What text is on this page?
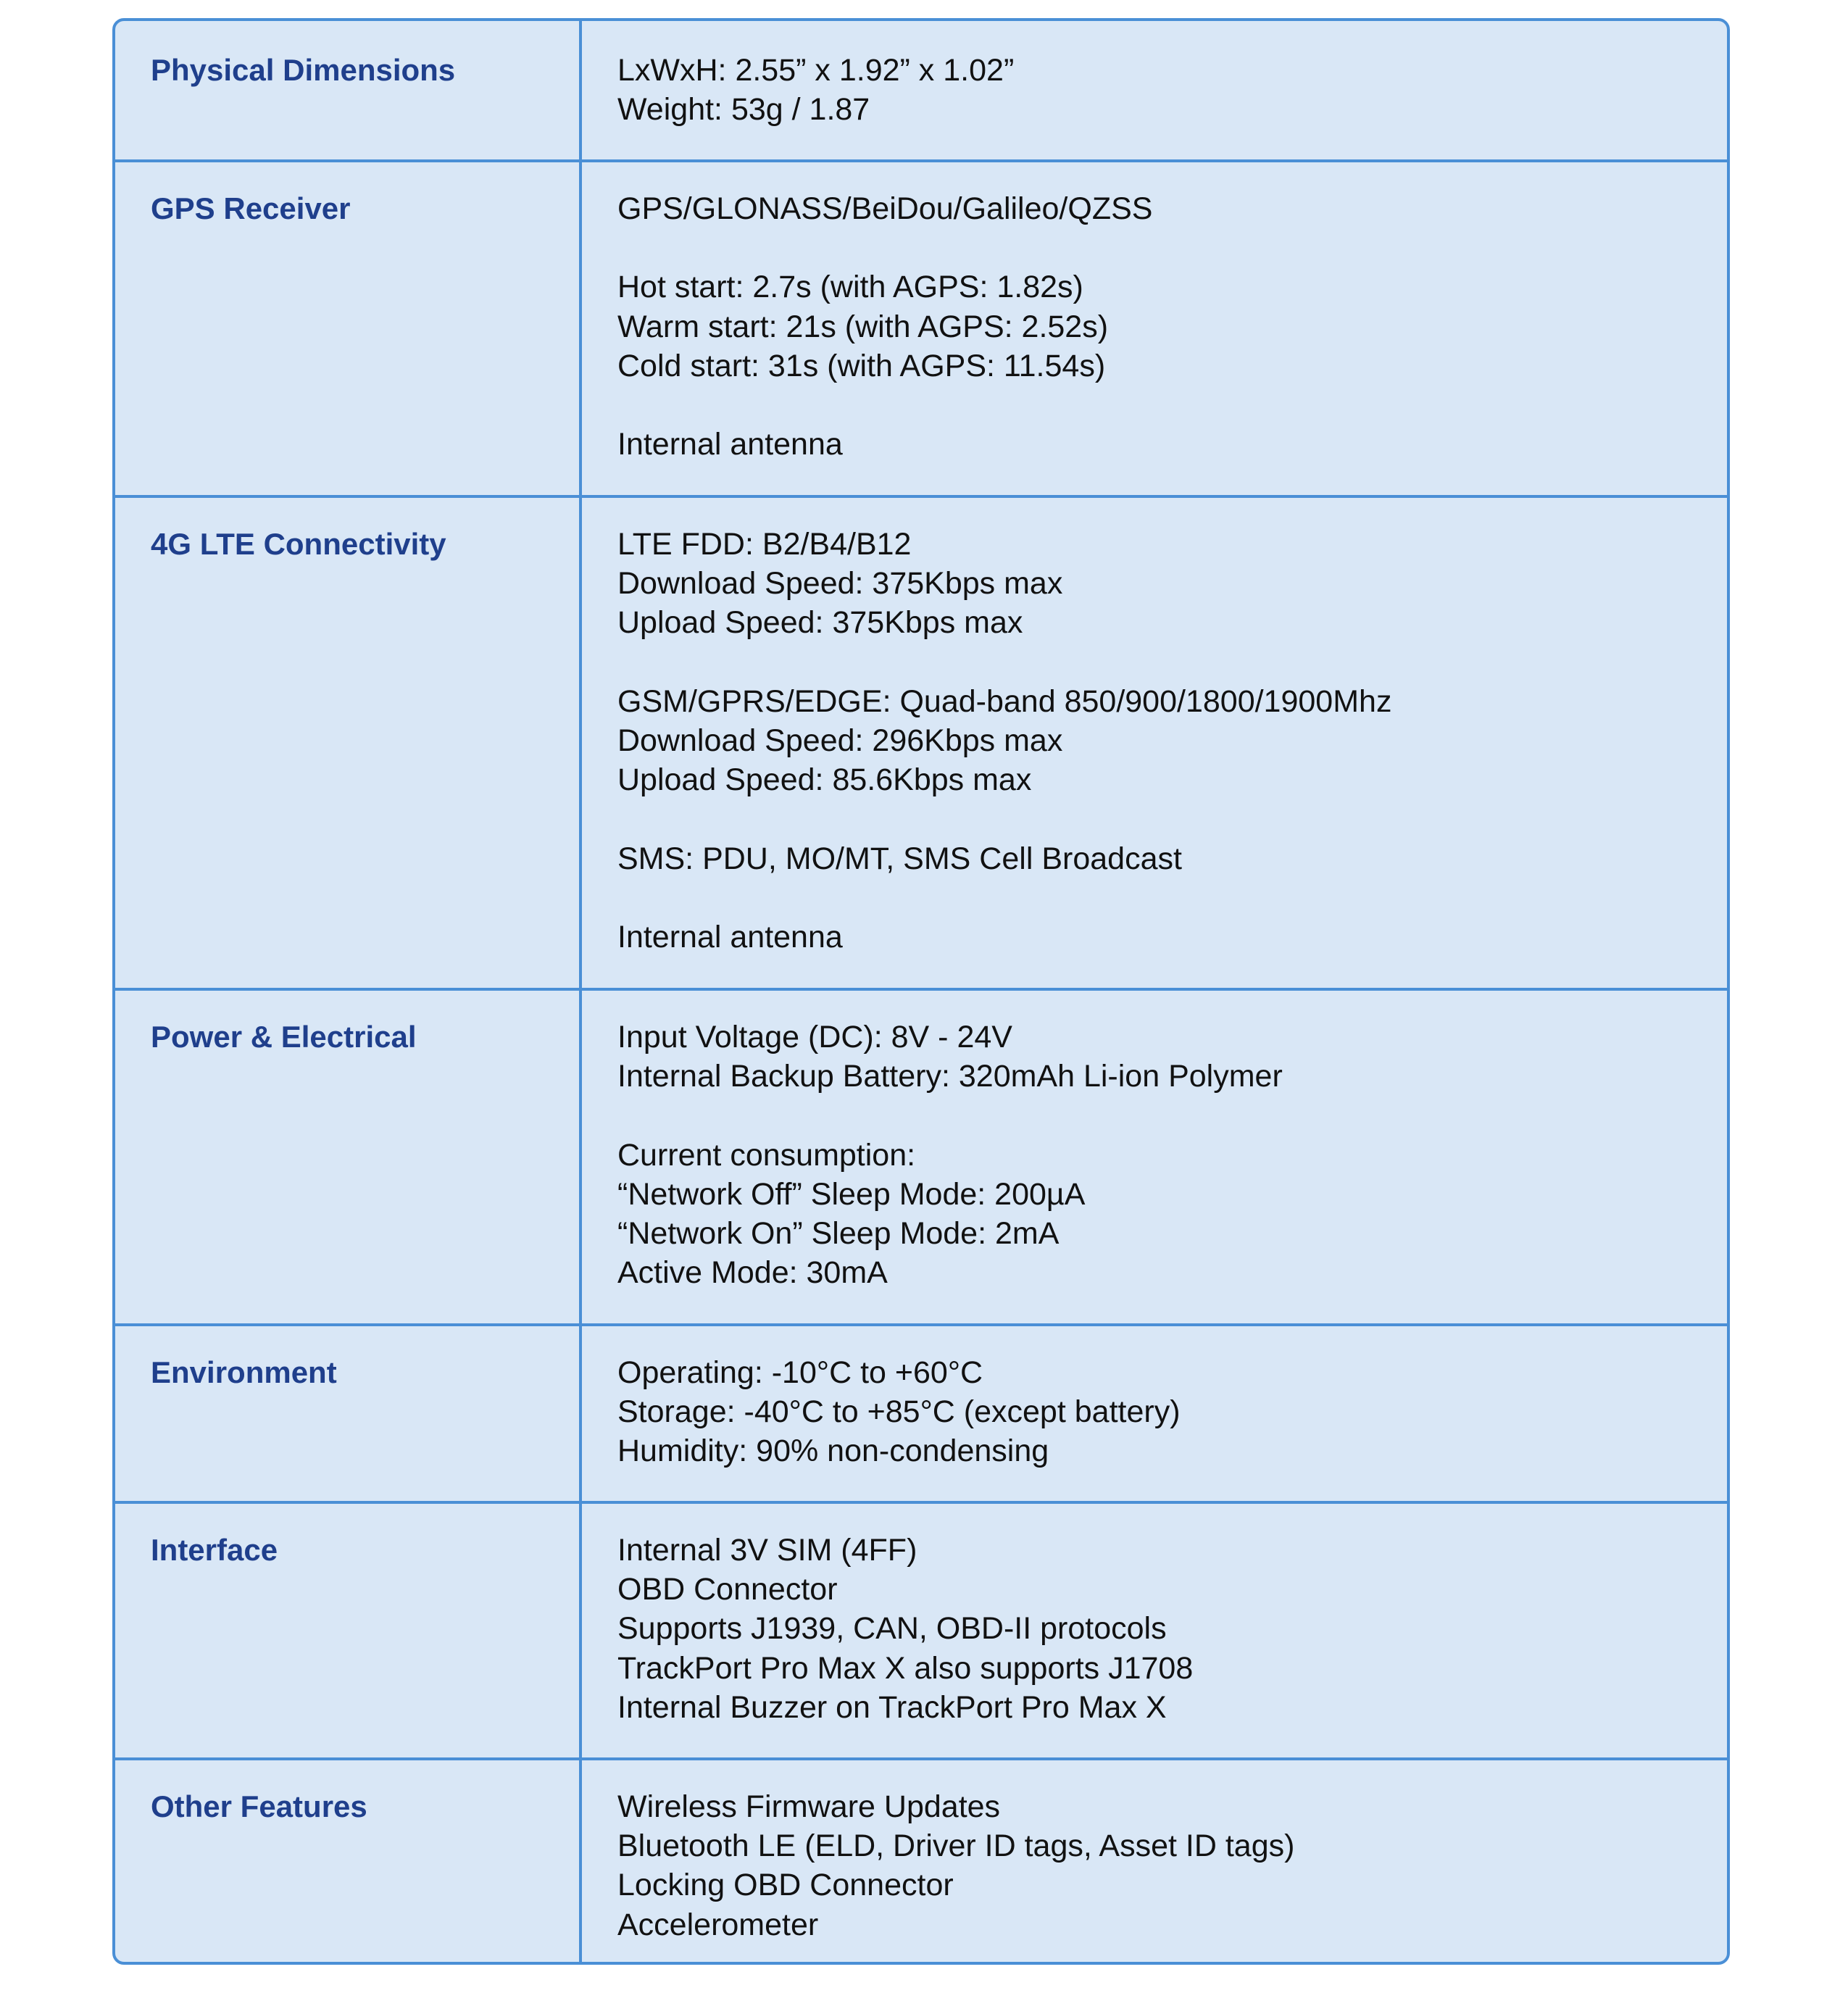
Physical Dimensions	LxWxH: 2.55” x 1.92” x 1.02”
Weight: 53g / 1.87
GPS Receiver	GPS/GLONASS/BeiDou/Galileo/QZSS

Hot start: 2.7s (with AGPS: 1.82s)
Warm start: 21s (with AGPS: 2.52s)
Cold start: 31s (with AGPS: 11.54s)

Internal antenna
4G LTE Connectivity	LTE FDD: B2/B4/B12
Download Speed: 375Kbps max
Upload Speed: 375Kbps max

GSM/GPRS/EDGE: Quad-band 850/900/1800/1900Mhz
Download Speed: 296Kbps max
Upload Speed: 85.6Kbps max

SMS: PDU, MO/MT, SMS Cell Broadcast

Internal antenna
Power & Electrical	Input Voltage (DC): 8V - 24V
Internal Backup Battery: 320mAh Li-ion Polymer

Current consumption:
“Network Off” Sleep Mode: 200µA
“Network On” Sleep Mode: 2mA
Active Mode: 30mA
Environment	Operating: -10°C to +60°C
Storage: -40°C to +85°C (except battery)
Humidity: 90% non-condensing
Interface	Internal 3V SIM (4FF)
OBD Connector
Supports J1939, CAN, OBD-II protocols
TrackPort Pro Max X also supports J1708
Internal Buzzer on TrackPort Pro Max X
Other Features	Wireless Firmware Updates
Bluetooth LE (ELD, Driver ID tags, Asset ID tags)
Locking OBD Connector
Accelerometer
